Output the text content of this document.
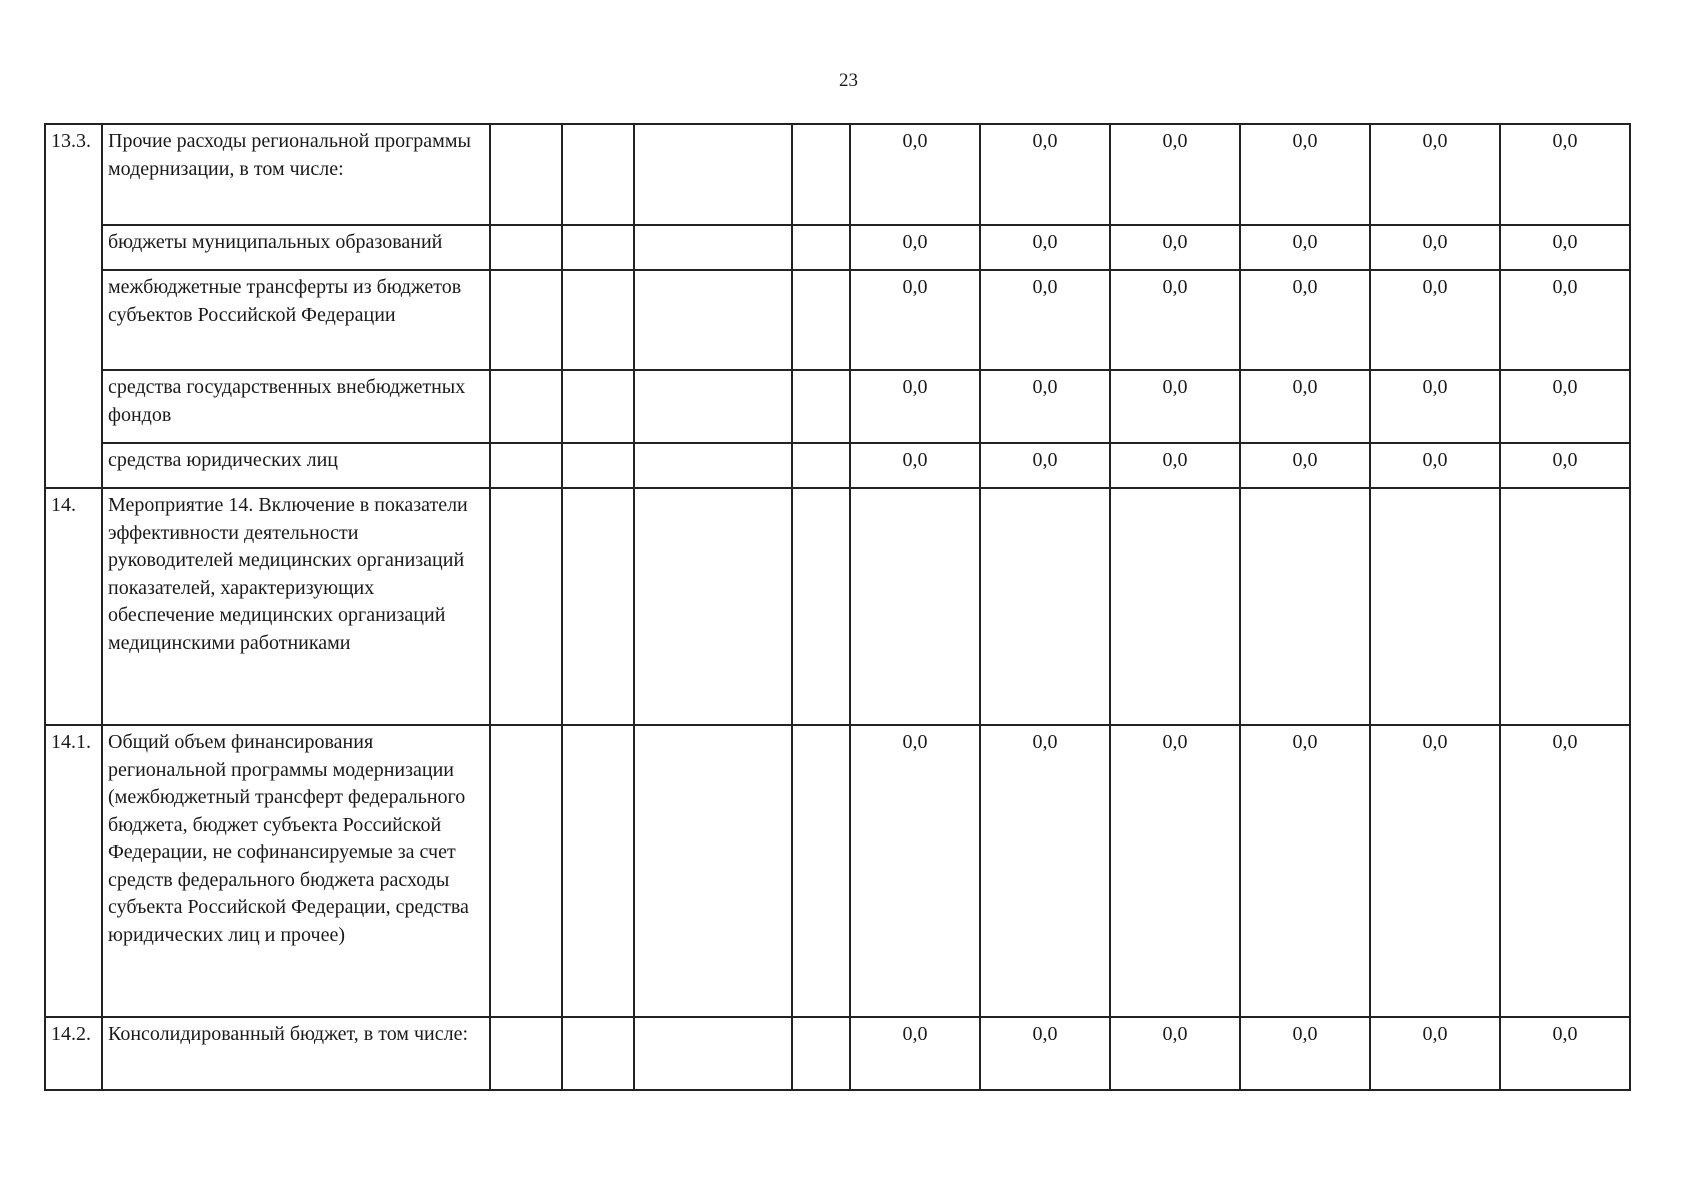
23
13.3.	Прочие расходы региональной программы модернизации, в том числе:					0,0	0,0	0,0	0,0	0,0	0,0
	бюджеты муниципальных образований					0,0	0,0	0,0	0,0	0,0	0,0
	межбюджетные трансферты из бюджетов субъектов Российской Федерации					0,0	0,0	0,0	0,0	0,0	0,0
	средства государственных внебюджетных фондов					0,0	0,0	0,0	0,0	0,0	0,0
	средства юридических лиц					0,0	0,0	0,0	0,0	0,0	0,0
14.	Мероприятие 14. Включение в показатели эффективности деятельности руководителей медицинских организаций показателей, характеризующих обеспечение медицинских организаций медицинскими работниками										
14.1.	Общий объем финансирования региональной программы модернизации (межбюджетный трансферт федерального бюджета, бюджет субъекта Российской Федерации, не софинансируемые за счет средств федерального бюджета расходы субъекта Российской Федерации, средства юридических лиц и прочее)					0,0	0,0	0,0	0,0	0,0	0,0
14.2.	Консолидированный бюджет, в том числе:					0,0	0,0	0,0	0,0	0,0	0,0
